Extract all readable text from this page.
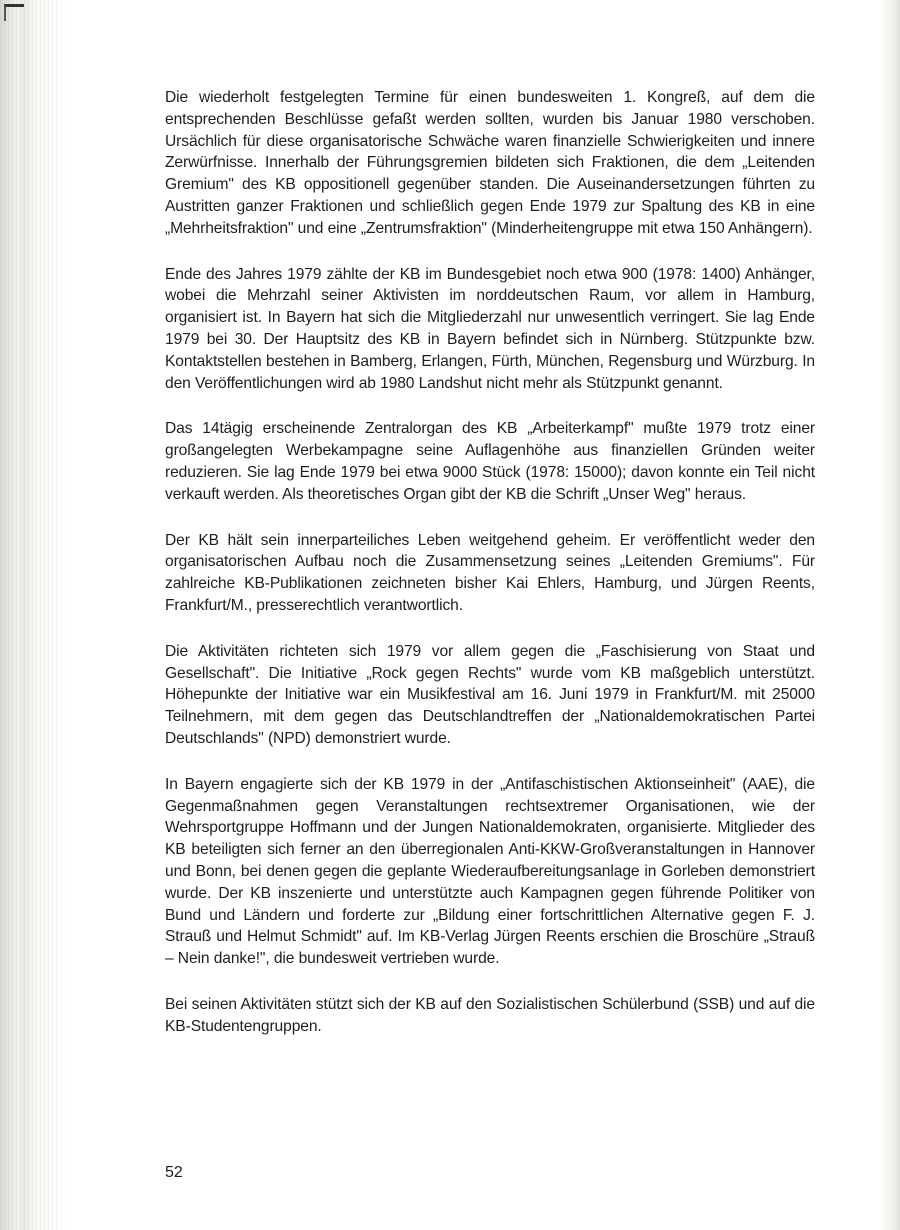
Die wiederholt festgelegten Termine für einen bundesweiten 1. Kongreß, auf dem die entsprechenden Beschlüsse gefaßt werden sollten, wurden bis Januar 1980 verschoben. Ursächlich für diese organisatorische Schwäche waren finanzielle Schwierigkeiten und innere Zerwürfnisse. Innerhalb der Führungsgremien bildeten sich Fraktionen, die dem „Leitenden Gremium" des KB oppositionell gegenüber standen. Die Auseinandersetzungen führten zu Austritten ganzer Fraktionen und schließlich gegen Ende 1979 zur Spaltung des KB in eine „Mehrheitsfraktion" und eine „Zentrumsfraktion" (Minderheitengruppe mit etwa 150 Anhängern).

Ende des Jahres 1979 zählte der KB im Bundesgebiet noch etwa 900 (1978: 1400) Anhänger, wobei die Mehrzahl seiner Aktivisten im norddeutschen Raum, vor allem in Hamburg, organisiert ist. In Bayern hat sich die Mitgliederzahl nur unwesentlich verringert. Sie lag Ende 1979 bei 30. Der Hauptsitz des KB in Bayern befindet sich in Nürnberg. Stützpunkte bzw. Kontaktstellen bestehen in Bamberg, Erlangen, Fürth, München, Regensburg und Würzburg. In den Veröffentlichungen wird ab 1980 Landshut nicht mehr als Stützpunkt genannt.

Das 14tägig erscheinende Zentralorgan des KB „Arbeiterkampf" mußte 1979 trotz einer großangelegten Werbekampagne seine Auflagenhöhe aus finanziellen Gründen weiter reduzieren. Sie lag Ende 1979 bei etwa 9000 Stück (1978: 15000); davon konnte ein Teil nicht verkauft werden. Als theoretisches Organ gibt der KB die Schrift „Unser Weg" heraus.

Der KB hält sein innerparteiliches Leben weitgehend geheim. Er veröffentlicht weder den organisatorischen Aufbau noch die Zusammensetzung seines „Leitenden Gremiums". Für zahlreiche KB-Publikationen zeichneten bisher Kai Ehlers, Hamburg, und Jürgen Reents, Frankfurt/M., presserechtlich verantwortlich.

Die Aktivitäten richteten sich 1979 vor allem gegen die „Faschisierung von Staat und Gesellschaft". Die Initiative „Rock gegen Rechts" wurde vom KB maßgeblich unterstützt. Höhepunkte der Initiative war ein Musikfestival am 16. Juni 1979 in Frankfurt/M. mit 25000 Teilnehmern, mit dem gegen das Deutschlandtreffen der „Nationaldemokratischen Partei Deutschlands" (NPD) demonstriert wurde.

In Bayern engagierte sich der KB 1979 in der „Antifaschistischen Aktionseinheit" (AAE), die Gegenmaßnahmen gegen Veranstaltungen rechtsextremer Organisationen, wie der Wehrsportgruppe Hoffmann und der Jungen Nationaldemokraten, organisierte. Mitglieder des KB beteiligten sich ferner an den überregionalen Anti-KKW-Großveranstaltungen in Hannover und Bonn, bei denen gegen die geplante Wiederaufbereitungsanlage in Gorleben demonstriert wurde. Der KB inszenierte und unterstützte auch Kampagnen gegen führende Politiker von Bund und Ländern und forderte zur „Bildung einer fortschrittlichen Alternative gegen F. J. Strauß und Helmut Schmidt" auf. Im KB-Verlag Jürgen Reents erschien die Broschüre „Strauß – Nein danke!", die bundesweit vertrieben wurde.

Bei seinen Aktivitäten stützt sich der KB auf den Sozialistischen Schülerbund (SSB) und auf die KB-Studentengruppen.

52
